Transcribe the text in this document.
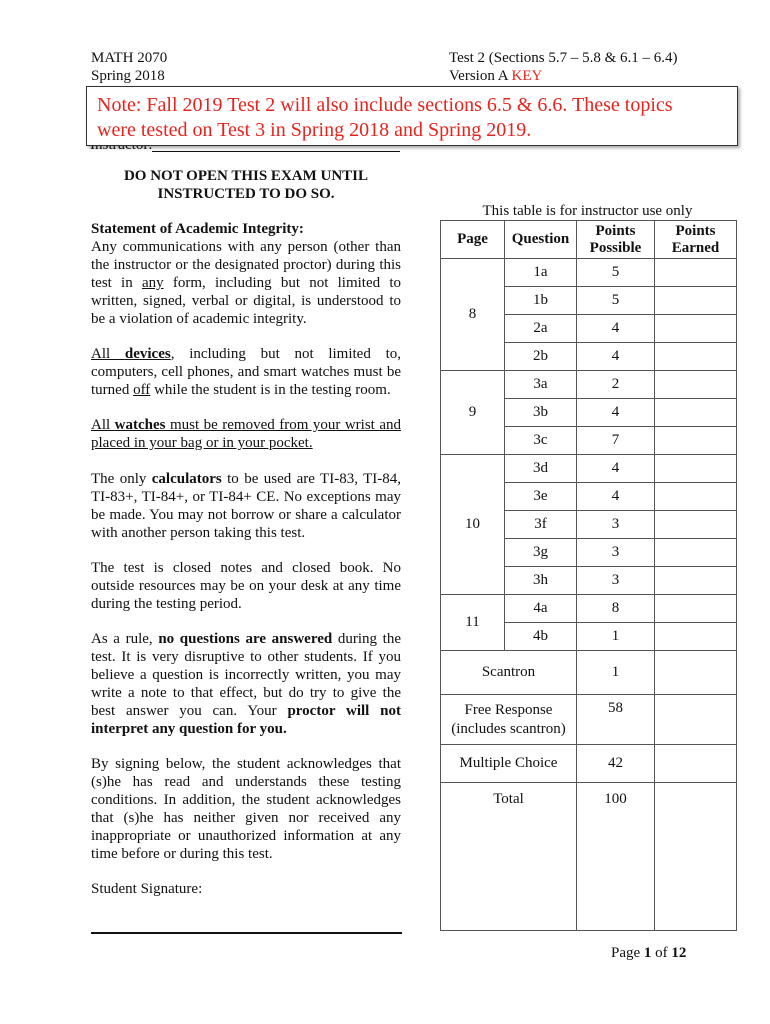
MATH 2070
Spring 2018
Test 2 (Sections 5.7 – 5.8 & 6.1 – 6.4)
Version A KEY
Note: Fall 2019 Test 2 will also include sections 6.5 & 6.6. These topics
were tested on Test 3 in Spring 2018 and Spring 2019.
DO NOT OPEN THIS EXAM UNTIL
INSTRUCTED TO DO SO.
Statement of Academic Integrity:
Any communications with any person (other than the instructor or the designated proctor) during this test in any form, including but not limited to written, signed, verbal or digital, is understood to be a violation of academic integrity.
All devices, including but not limited to, computers, cell phones, and smart watches must be turned off while the student is in the testing room.
All watches must be removed from your wrist and placed in your bag or in your pocket.
The only calculators to be used are TI-83, TI-84, TI-83+, TI-84+, or TI-84+ CE. No exceptions may be made. You may not borrow or share a calculator with another person taking this test.
The test is closed notes and closed book. No outside resources may be on your desk at any time during the testing period.
As a rule, no questions are answered during the test. It is very disruptive to other students. If you believe a question is incorrectly written, you may write a note to that effect, but do try to give the best answer you can. Your proctor will not interpret any question for you.
By signing below, the student acknowledges that (s)he has read and understands these testing conditions. In addition, the student acknowledges that (s)he has neither given nor received any inappropriate or unauthorized information at any time before or during this test.
Student Signature:
This table is for instructor use only
Page	Question	Points Possible	Points Earned
8	1a	5	
	1b	5	
	2a	4	
	2b	4	
9	3a	2	
	3b	4	
	3c	7	
10	3d	4	
	3e	4	
	3f	3	
	3g	3	
	3h	3	
11	4a	8	
	4b	1	
Scantron		1	
Free Response (includes scantron)		58	
Multiple Choice		42	
Total		100	
Page 1 of 12
